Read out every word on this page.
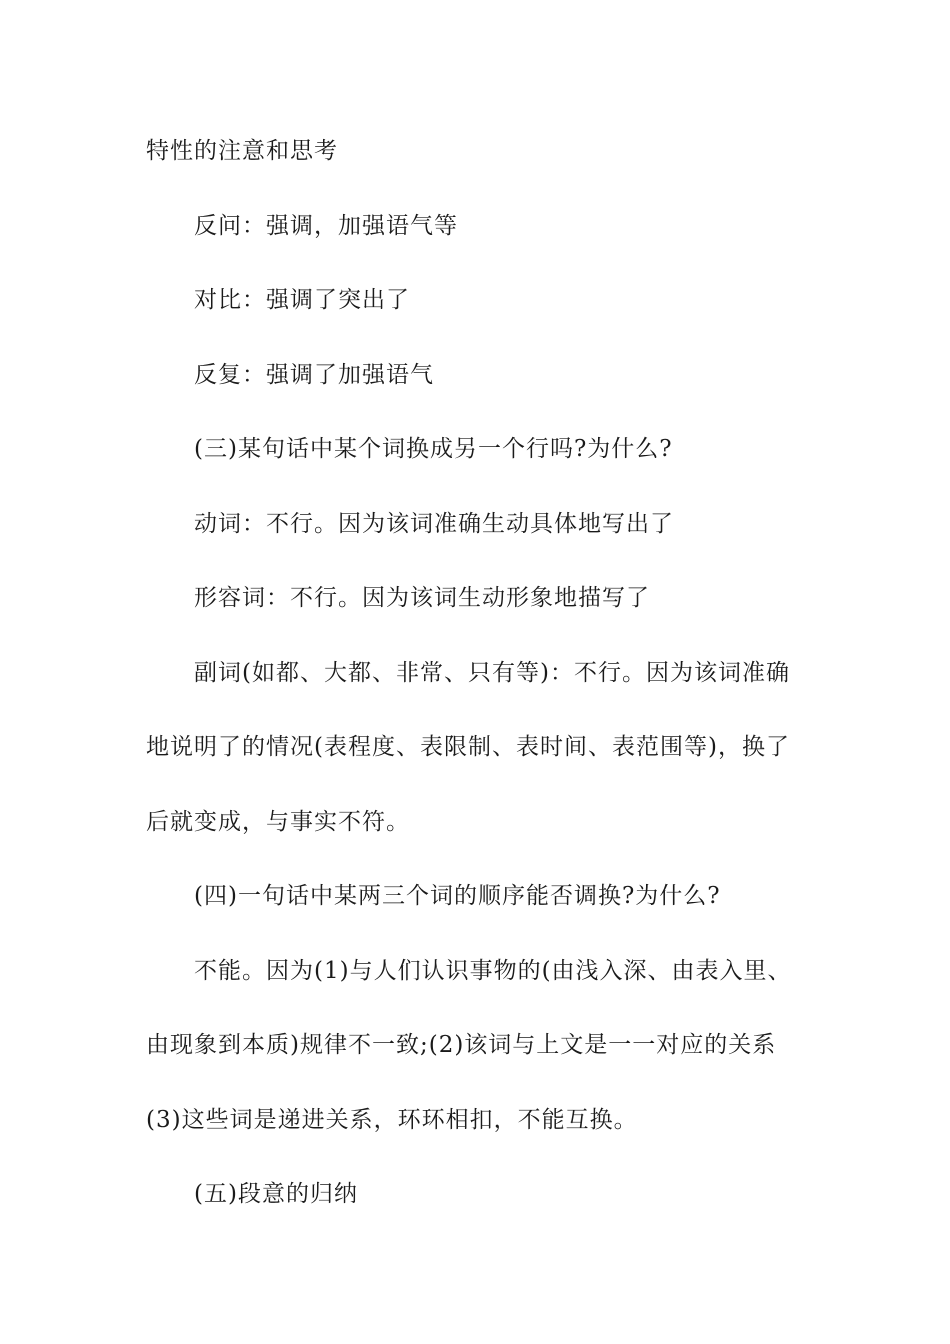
特性的注意和思考
反问：强调，加强语气等
对比：强调了突出了
反复：强调了加强语气
(三)某句话中某个词换成另一个行吗?为什么?
动词：不行。因为该词准确生动具体地写出了
形容词：不行。因为该词生动形象地描写了
副词(如都、大都、非常、只有等)：不行。因为该词准确
地说明了的情况(表程度、表限制、表时间、表范围等)，换了
后就变成，与事实不符。
(四)一句话中某两三个词的顺序能否调换?为什么?
不能。因为(1)与人们认识事物的(由浅入深、由表入里、
由现象到本质)规律不一致;(2)该词与上文是一一对应的关系
(3)这些词是递进关系，环环相扣，不能互换。
(五)段意的归纳
